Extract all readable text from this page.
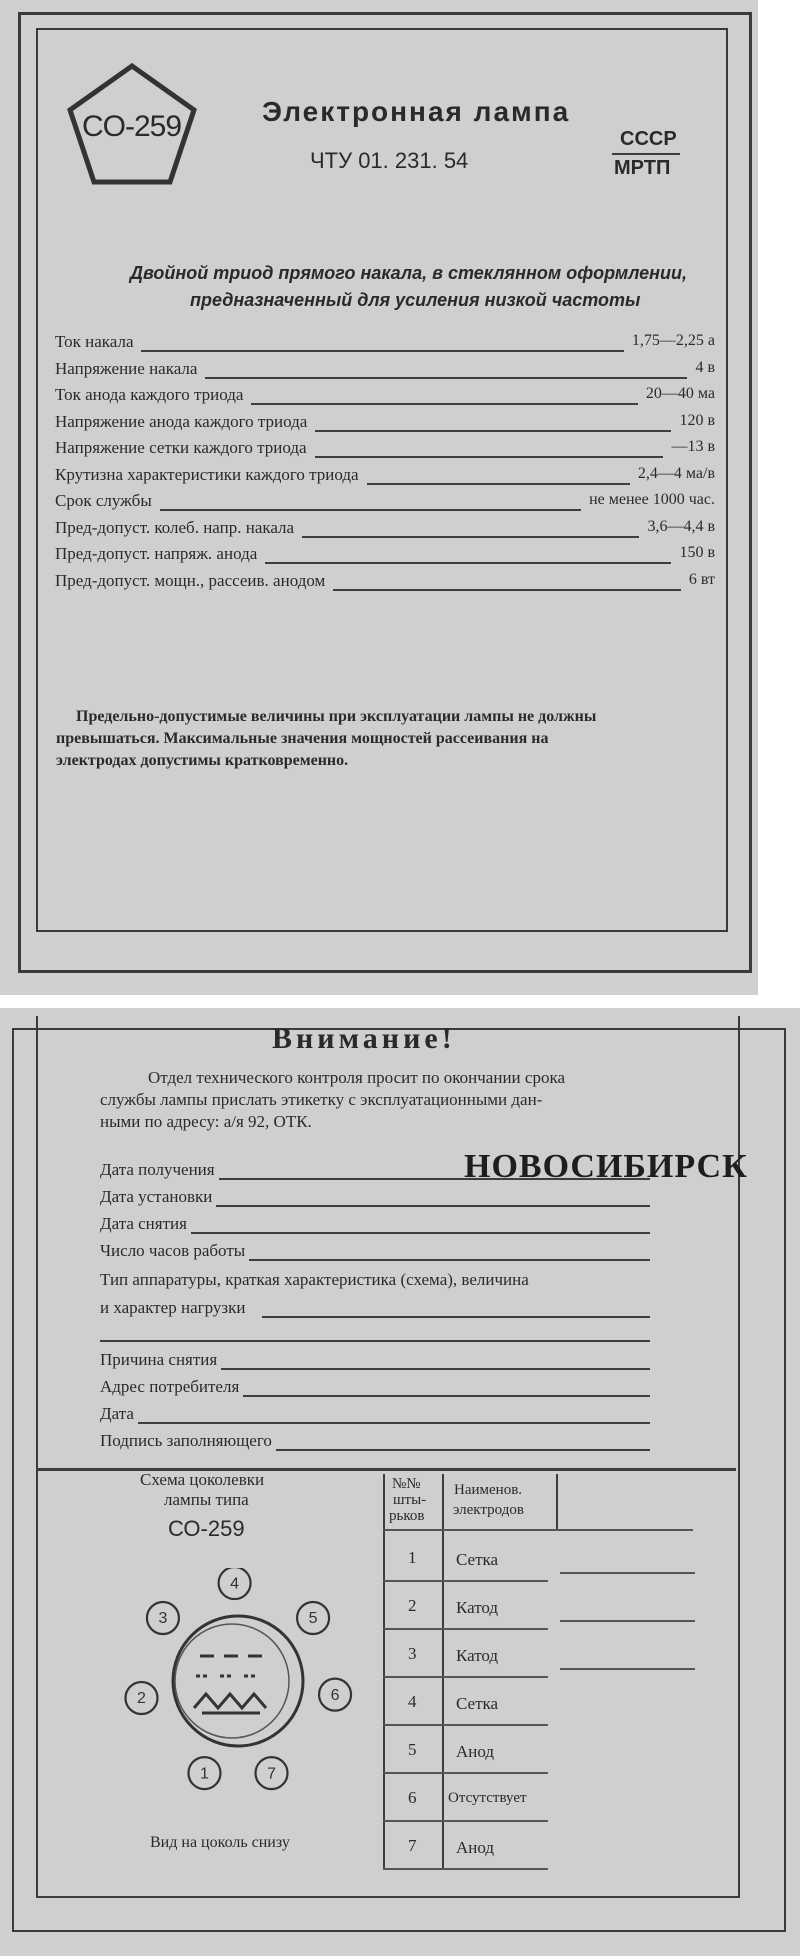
CO-259	Электронная лампа
ЧТУ 01. 231. 54
СССР
МРТП
Двойной триод прямого накала, в стеклянном оформлении,
предназначенный для усиления низкой частоты
Ток накала	1,75—2,25 а
Напряжение накала	4 в
Ток анода каждого триода	20—40 ма
Напряжение анода каждого триода	120 в
Напряжение сетки каждого триода	—13 в
Крутизна характеристики каждого триода	2,4—4 ма/в
Срок службы	не менее 1000 час.
Пред-допуст. колеб. напр. накала	3,6—4,4 в
Пред-допуст. напряж. анода	150 в
Пред-допуст. мощн., рассеив. анодом	6 вт
Предельно-допустимые величины при эксплуатации лампы не должны
превышаться. Максимальные значения мощностей рассеивания на
электродах допустимы кратковременно.
Внимание!
Отдел технического контроля просит по окончании срока
службы лампы прислать этикетку с эксплуатационными дан-
ными по адресу: а/я 92, ОТК.
НОВОСИБИРСК
Дата получения
Дата установки
Дата снятия
Число часов работы
Тип аппаратуры, краткая характеристика (схема), величина
и характер нагрузки
Причина снятия
Адрес потребителя
Дата
Подпись заполняющего
Схема цоколевки
лампы типа
СО-259
1
2
3
4
5
6
7
Вид на цоколь снизу
№№
шты-
рьков
Наименов.
электродов
1 Сетка
2 Катод
3 Катод
4 Сетка
5 Анод
6 Отсутствует
7 Анод
